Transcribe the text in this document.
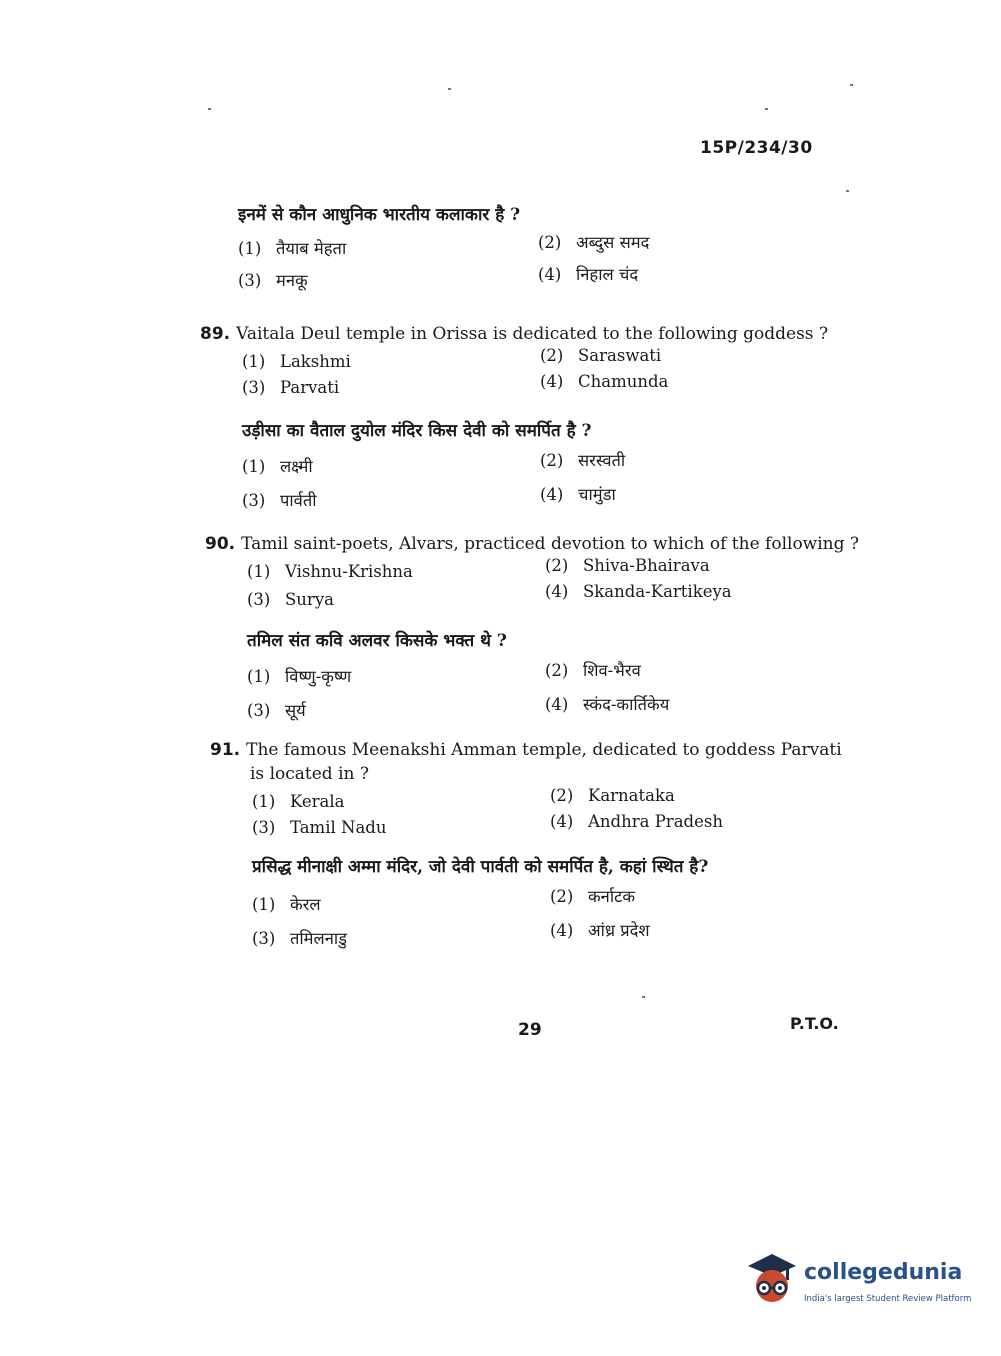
15P/234/30
इनमें से कौन आधुनिक भारतीय कलाकार है ?
(1) तैयाब मेहता	(2) अब्दुस समद
(3) मनकू	(4) निहाल चंद
89. Vaitala Deul temple in Orissa is dedicated to the following goddess ?
(1) Lakshmi	(2) Saraswati
(3) Parvati	(4) Chamunda
उड़ीसा का वैताल दुयोल मंदिर किस देवी को समर्पित है ?
(1) लक्ष्मी	(2) सरस्वती
(3) पार्वती	(4) चामुंडा
90. Tamil saint-poets, Alvars, practiced devotion to which of the following ?
(1) Vishnu-Krishna	(2) Shiva-Bhairava
(3) Surya	(4) Skanda-Kartikeya
तमिल संत कवि अलवर किसके भक्त थे ?
(1) विष्णु-कृष्ण	(2) शिव-भैरव
(3) सूर्य	(4) स्कंद-कार्तिकेय
91. The famous Meenakshi Amman temple, dedicated to goddess Parvati
is located in ?
(1) Kerala	(2) Karnataka
(3) Tamil Nadu	(4) Andhra Pradesh
प्रसिद्ध मीनाक्षी अम्मा मंदिर, जो देवी पार्वती को समर्पित है, कहां स्थित है?
(1) केरल	(2) कर्नाटक
(3) तमिलनाडु	(4) आंध्र प्रदेश
29	P.T.O.
collegedunia
India's largest Student Review Platform
